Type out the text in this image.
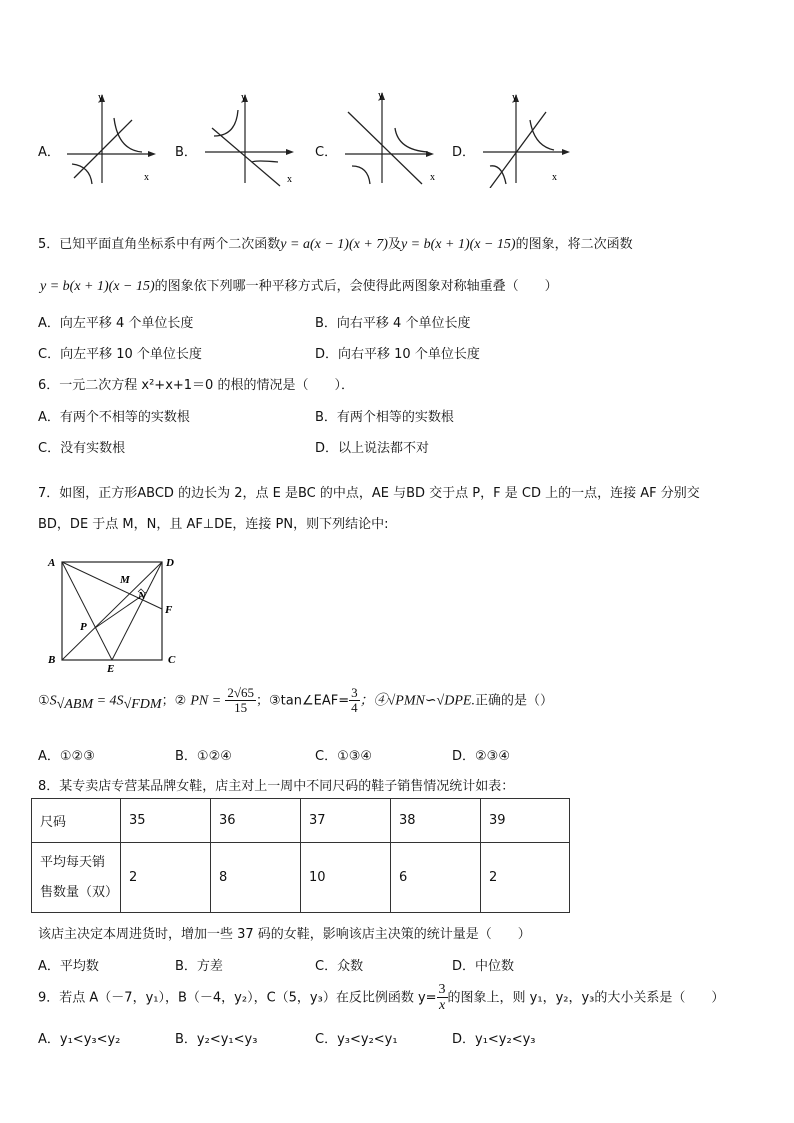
A．	B．	C．	D．
y
x
y
x
y
x
y
x
5．已知平面直角坐标系中有两个二次函数y = a(x − 1)(x + 7)及y = b(x + 1)(x − 15)的图象，将二次函数
y = b(x + 1)(x − 15)的图象依下列哪一种平移方式后，会使得此两图象对称轴重叠（　　）
A．向左平移 4 个单位长度	B．向右平移 4 个单位长度
C．向左平移 10 个单位长度	D．向右平移 10 个单位长度
6．一元二次方程 x²+x+1＝0 的根的情况是（　　）．
A．有两个不相等的实数根	B．有两个相等的实数根
C．没有实数根	D．以上说法都不对
7．如图，正方形ABCD 的边长为 2，点 E 是BC 的中点，AE 与BD 交于点 P，F 是 CD 上的一点，连接 AF 分别交
BD，DE 于点 M，N，且 AF⊥DE，连接 PN，则下列结论中:
A	D
B	C
E
F
M
N
P
$①S_{√ABM} = 4S_{√FDM}$；② PN = $\frac{2√65}{15}$ ；③tan∠EAF= $\frac{3}{4}$ ；④√PMN∽√DPE.正确的是（）
A．①②③	B．①②④	C．①③④	D．②③④
8．某专卖店专营某品牌女鞋，店主对上一周中不同尺码的鞋子销售情况统计如表：
尺码	35	36	37	38	39

平均每天销
售数量（双）	2	8	10	6	2
该店主决定本周进货时，增加一些 37 码的女鞋，影响该店主决策的统计量是（　　）
A．平均数	B．方差	C．众数	D．中位数
9．若点 A（－7，y₁），B（－4，y₂），C（5，y₃）在反比例函数 $y= \frac{3}{x}$ 的图象上，则 y₁，y₂，y₃的大小关系是（　　）
A．y₁<y₃<y₂	B．y₂<y₁<y₃	C．y₃<y₂<y₁	D．y₁<y₂<y₃
